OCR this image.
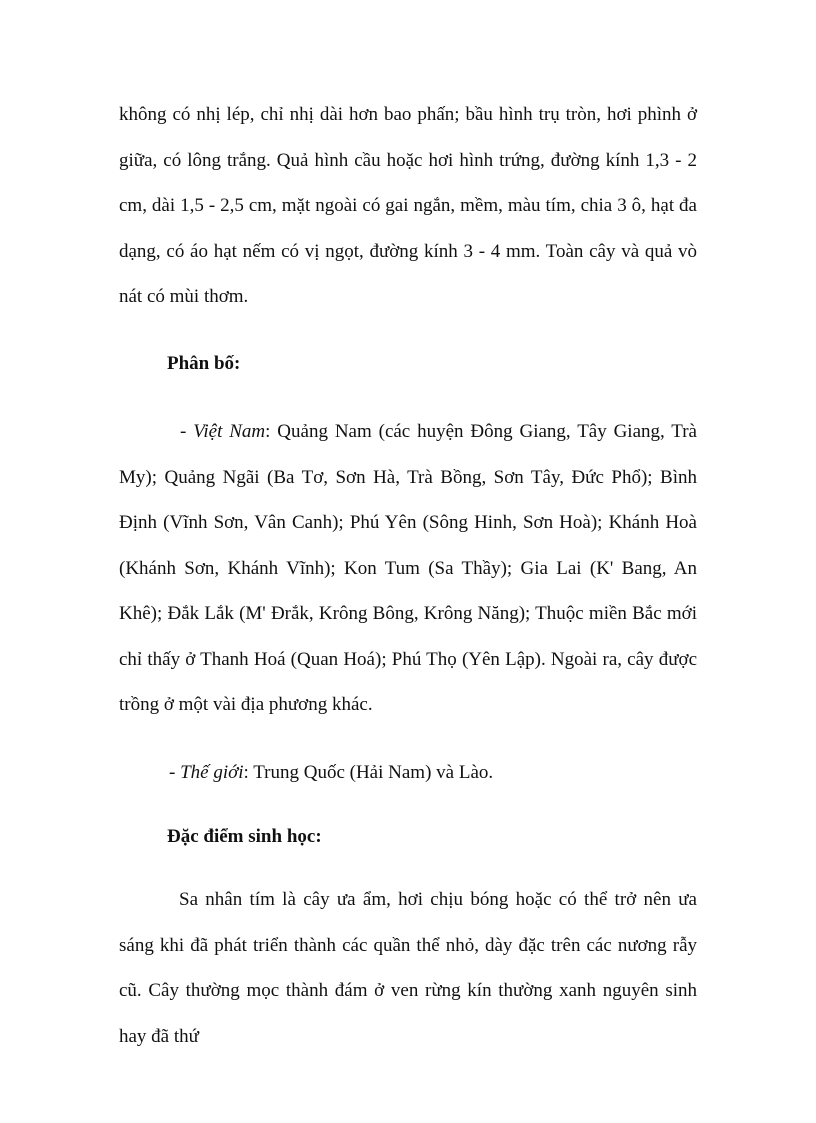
không có nhị lép, chỉ nhị dài hơn bao phấn; bầu hình trụ tròn, hơi phình ở giữa, có lông trắng. Quả hình cầu hoặc hơi hình trứng, đường kính 1,3 - 2 cm, dài 1,5 - 2,5 cm, mặt ngoài có gai ngắn, mềm, màu tím, chia 3 ô, hạt đa dạng, có áo hạt nếm có vị ngọt, đường kính 3 - 4 mm. Toàn cây và quả vò nát có mùi thơm.

Phân bố:

- Việt Nam: Quảng Nam (các huyện Đông Giang, Tây Giang, Trà My); Quảng Ngãi (Ba Tơ, Sơn Hà, Trà Bồng, Sơn Tây, Đức Phổ); Bình Định (Vĩnh Sơn, Vân Canh); Phú Yên (Sông Hinh, Sơn Hoà); Khánh Hoà (Khánh Sơn, Khánh Vĩnh); Kon Tum (Sa Thầy); Gia Lai (K' Bang, An Khê); Đắk Lắk (M' Đrắk, Krông Bông, Krông Năng); Thuộc miền Bắc mới chỉ thấy ở Thanh Hoá (Quan Hoá); Phú Thọ (Yên Lập). Ngoài ra, cây được trồng ở một vài địa phương khác.

- Thế giới: Trung Quốc (Hải Nam) và Lào.

Đặc điểm sinh học:

Sa nhân tím là cây ưa ẩm, hơi chịu bóng hoặc có thể trở nên ưa sáng khi đã phát triển thành các quần thể nhỏ, dày đặc trên các nương rẫy cũ. Cây thường mọc thành đám ở ven rừng kín thường xanh nguyên sinh hay đã thứ
